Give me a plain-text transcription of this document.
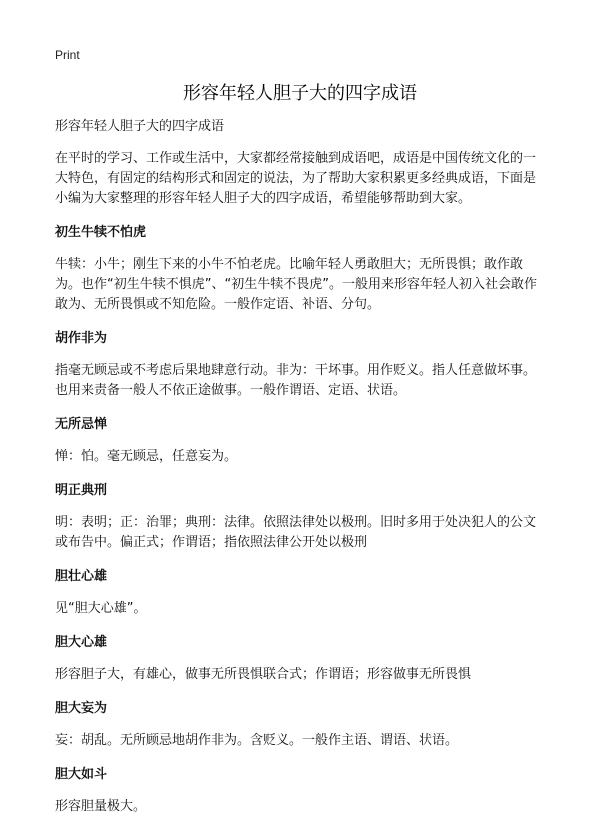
Print
形容年轻人胆子大的四字成语
形容年轻人胆子大的四字成语

在平时的学习、工作或生活中，大家都经常接触到成语吧，成语是中国传统文化的一大特色，有固定的结构形式和固定的说法，为了帮助大家积累更多经典成语，下面是小编为大家整理的形容年轻人胆子大的四字成语，希望能够帮助到大家。

初生牛犊不怕虎

牛犊：小牛；刚生下来的小牛不怕老虎。比喻年轻人勇敢胆大；无所畏惧；敢作敢为。也作“初生牛犊不惧虎”、“初生牛犊不畏虎”。一般用来形容年轻人初入社会敢作敢为、无所畏惧或不知危险。一般作定语、补语、分句。

胡作非为

指毫无顾忌或不考虑后果地肆意行动。非为：干坏事。用作贬义。指人任意做坏事。也用来责备一般人不依正途做事。一般作谓语、定语、状语。

无所忌惮

惮：怕。毫无顾忌，任意妄为。

明正典刑

明：表明；正：治罪；典刑：法律。依照法律处以极刑。旧时多用于处决犯人的公文或布告中。偏正式；作谓语；指依照法律公开处以极刑

胆壮心雄

见“胆大心雄”。

胆大心雄

形容胆子大，有雄心，做事无所畏惧联合式；作谓语；形容做事无所畏惧

胆大妄为

妄：胡乱。无所顾忌地胡作非为。含贬义。一般作主语、谓语、状语。

胆大如斗

形容胆量极大。
